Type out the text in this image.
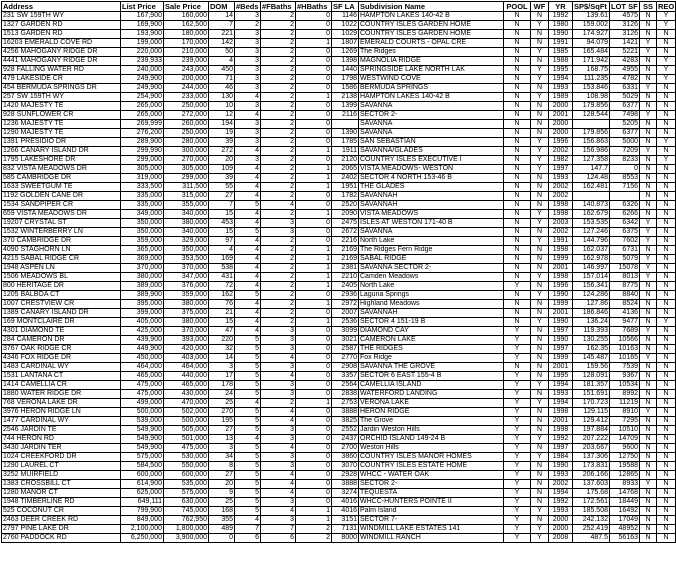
Address	List Price	Sale Price	DOM	#Beds	#FBaths	#HBaths	SF LA	Subdivision Name	POOL	WF	YR	SP$/SqFt	LOT SF	SS	REO
231 SW 159TH WY	167,900	160,000	14	3	2	0	1146	HAMPTON LAKES 140-42 B	N	N	1992	139.61	4575	N	Y
1327 GARDEN RD	169,900	162,500	7	2	2	0	1022	COUNTRY ISLES GARDEN HOME	N	Y	1980	159.002	3126	N	Y
1513 GARDEN RD	193,900	180,000	221	3	2	0	1029	COUNTRY ISLES GARDEN HOME	N	N	1990	174.927	3126	N	N
16203 EMERALD COVE RD	199,000	170,000	142	3	2	1	1807	EMERALD COURTS - OPAL CRE	N	N	1991	94.079	1421	Y	N
4256 MAHOGANY RIDGE DR	220,000	210,000	50	3	2	0	1269	The Ridges	N	Y	1985	165.484	5221	Y	N
4441 MAHOGANY RIDGE DR	239,933	239,000	4	3	2	0	1398	MAGNOLIA RIDGE	N	N	1988	171.942	4283	N	Y
928 FALLING WATER RD	240,000	243,000	450	3	2	0	1440	SPRINGSIDE LAKE NORTH LAK	N	Y	1995	168.75	4955	N	Y
479 LAKESIDE CR	249,900	200,000	71	3	2	0	1798	WESTWIND COVE	N	Y	1994	111.235	4782	N	Y
454 BERMUDA SPRINGS DR	249,900	244,000	46	3	2	0	1586	BERMUDA SPRINGS	N	N	1993	153.846	6331	Y	N
257 SW 159TH WY	254,900	233,000	130	4	2	1	2138	HAMPTON LAKES 140-42 B	N	Y	1989	108.98	5029	N	N
1420 MAJESTY TE	265,000	250,000	10	3	2	0	1399	SAVANNA	N	N	2000	179.856	6377	N	N
928 SUNFLOWER CR	265,000	272,000	12	4	2	0	2116	SECTOR 2-	N	N	2001	128.544	7498	Y	N
1236 MAJESTY TE	269,999	260,000	194	3	2	0		SAVANNA	N	N	2000		5205	N	N
1290 MAJESTY TE	276,200	250,000	19	3	2	0	1390	SAVANNA	N	N	2000	179.856	6377	N	N
1391 PRESIDIO DR	289,900	280,000	39	3	2	0	1785	SAN SEBASTIAN	N	Y	1996	156.863	5000	N	Y
1266 CANARY ISLAND DR	299,990	300,000	272	4	2	1	1911	SAVANNA/GLADES	N	Y	2002	156.986	7209	Y	N
1795 LAKESHORE DR	299,000	270,000	20	3	2	0	2120	COUNTRY ISLES EXECUTIVE I	N	Y	1982	127.358	8233	N	Y
832 VISTA MEADOWS DR	305,000	305,000	109	4	2	1	2065	VISTA MEADOWS- WESTON	N	Y	1997	147.7	0	N	N
585 CAMBRIDGE DR	319,000	299,000	39	4	2	1	2402	SECTOR 4 NORTH 153-46 B	N	N	1993	124.48	8553	N	N
1633 SWEETGUM TE	333,500	311,500	55	4	2	1	1951	THE GLADES	N	N	2002	162.481	7156	N	N
1192 GOLDEN CANE DR	335,000	315,000	27	4	2	0	1782	SAVANNAH	N	N	2002			N	N
1534 SANDPIPER CR	335,000	355,000	7	5	4	0	2520	SAVANNAH	N	N	1998	140.873	6326	N	N
659 VISTA MEADOWS DR	349,000	340,000	15	4	2	1	2090	VISTA MEADOWS	N	Y	1998	162.679	6266	N	N
19207 CRYSTAL ST	350,000	380,000	453	4	3	0	2475	ISLES AT WESTON 171-40 B	N	Y	2003	153.535	6342	Y	N
1532 WINTERBERRY LN	350,000	340,000	15	5	3	0	2672	SAVANNA	N	N	2002	127.246	6375	Y	N
370 CAMBRIDGE DR	359,000	329,000	97	4	2	0	2216	North Lake	N	Y	1991	144.796	7602	Y	N
4090 STAGHORN LN	365,000	350,000	4	4	2	1	2169	The Ridges Fern Ridge	N	N	1998	162.037	6731	N	N
4215 SABAL RIDGE CR	369,000	353,500	169	4	2	1	2169	SABAL RIDGE	N	N	1999	162.978	5079	Y	N
1948 ASPEN LN	370,000	370,000	538	4	2	1	2381	SAVANNA SECTOR 2-	N	N	2001	146.997	15078	Y	N
1506 MEADOWS BL	380,000	347,000	431	4	2	1	2210	Camden Meadows	N	Y	1998	157.014	8013	Y	N
800 HERITAGE DR	389,000	376,000	72	4	2	1	2405	North Lake	Y	N	1996	156.341	8775	N	N
1205 BALBOA CT	389,900	359,000	162	5	2	0	2936	Laguna Springs	N	Y	1990	124.286	8840	N	N
1007 CRESTVIEW CR	395,000	380,000	76	4	2	1	2972	Highland Meadows	N	N	1999	127.86	8524	N	N
1389 CANARY ISLAND DR	399,000	375,000	21	4	2	0	2007	SAVANNAH	N	N	2001	186.846	4136	N	N
169 MONTCLAIRE DR	405,000	380,000	15	4	2	1	2536	SECTOR 4 151-19 B	N	Y	1990	136.24	9477	N	Y
4301 DIAMOND TE	425,000	370,000	47	4	3	0	3099	DIAMOND CAY	Y	N	1997	119.393	7689	Y	N
284 CAMERON DR	439,900	393,000	220	5	3	0	3021	CAMERON LAKE	Y	N	1990	130.255	10566	N	N
3767 OAK RIDGE CR	449,900	420,000	32	5	3	0	2587	THE RIDGES	Y	N	1997	162.35	10163	N	N
4346 FOX RIDGE DR	450,000	403,000	14	5	4	0	2770	Fox Ridge	Y	N	1999	145.487	10165	Y	N
1483 CARDINAL WY	464,000	464,000	3	5	3	0	2908	SAVANNA THE GROVE	N	N	2001	159.56	7539	N	N
1531 LANTANA CT	465,000	440,000	17	5	4	0	3357	SECTOR 6 EAST 155-4 B	Y	N	1995	128.091	9367	N	N
1414 CAMELLIA CR	475,000	465,000	178	5	3	0	2564	CAMELLIA ISLAND	Y	Y	1994	181.357	10534	N	N
1880 WATER RIDGE DR	475,000	430,000	24	5	3	0	2838	WATERFORD LANDING	Y	N	1993	151.691	8992	N	N
768 VERONA LAKE DR	499,000	470,000	25	4	2	1	2753	VERONA LAKE	Y	Y	1994	170.723	11219	N	N
3976 HERON RIDGE LN	500,000	502,000	270	5	4	0	3888	HERON RIDGE	Y	N	1998	129.115	8910	Y	N
1477 CARDINAL WY	539,000	500,000	195	5	4	0	3825	The Grove	Y	N	2001	129.412	7295	N	N
2546 JARDIN TE	549,900	505,000	27	5	3	0	2552	Jardin Weston Hills	Y	N	1998	197.884	10510	N	N
744 HERON RD	549,900	501,000	13	4	3	0	2437	ORCHID ISLAND 149-24 B	Y	Y	1992	207.222	14709	N	N
3430 JARDIN TER	549,900	475,000	3	5	4	0	2700	Weston Hills	Y	N	1997	203.667	9600	N	N
1024 CREEKFORD DR	575,000	530,000	34	5	3	0	3860	COUNTRY ISLES MANOR HOMES	Y	Y	1984	137.306	12750	N	N
1290 LAUREL CT	584,500	550,000	8	5	3	0	3070	COUNTRY ISLES ESTATE HOME	Y	N	1990	173.831	19588	N	N
3252 MUIRFIELD	600,000	600,000	27	5	4	0	2928	WHCC - WATER OAK	Y	N	1993	206.166	12865	N	N
1383 CROSSBILL CT	614,900	535,000	20	5	4	0	3888	SECTOR 2-	Y	N	2002	137.603	8933	Y	N
1280 MANOR CT	625,000	575,000	9	5	4	0	3274	TEQUESTA	Y	N	1994	175.68	14768	N	N
1948 TIMBERLINE RD	649,111	630,000	25	5	3	0	4016	WHCC-HUNTERS POINTE II	Y	N	1992	172.561	18449	N	N
525 COCONUT CR	799,900	745,000	168	5	4	1	4016	Palm Island	Y	Y	1993	185.508	16492	N	N
2463 DEER CREEK RD	849,000	762,950	355	4	3	1	3151	SECTOR 7-	Y	N	2000	242.132	17049	N	N
2797 PINE LAKE DR	2,100,000	1,800,000	489	7	7	2	7131	WINDMILL LAKE ESTATES 141	Y	Y	2000	252.419	48952	N	N
2760 PADDOCK RD	6,250,000	3,900,000	0	6	6	2	8000	WINDMILL RANCH	Y	Y	2008	487.5	56163	N	N
